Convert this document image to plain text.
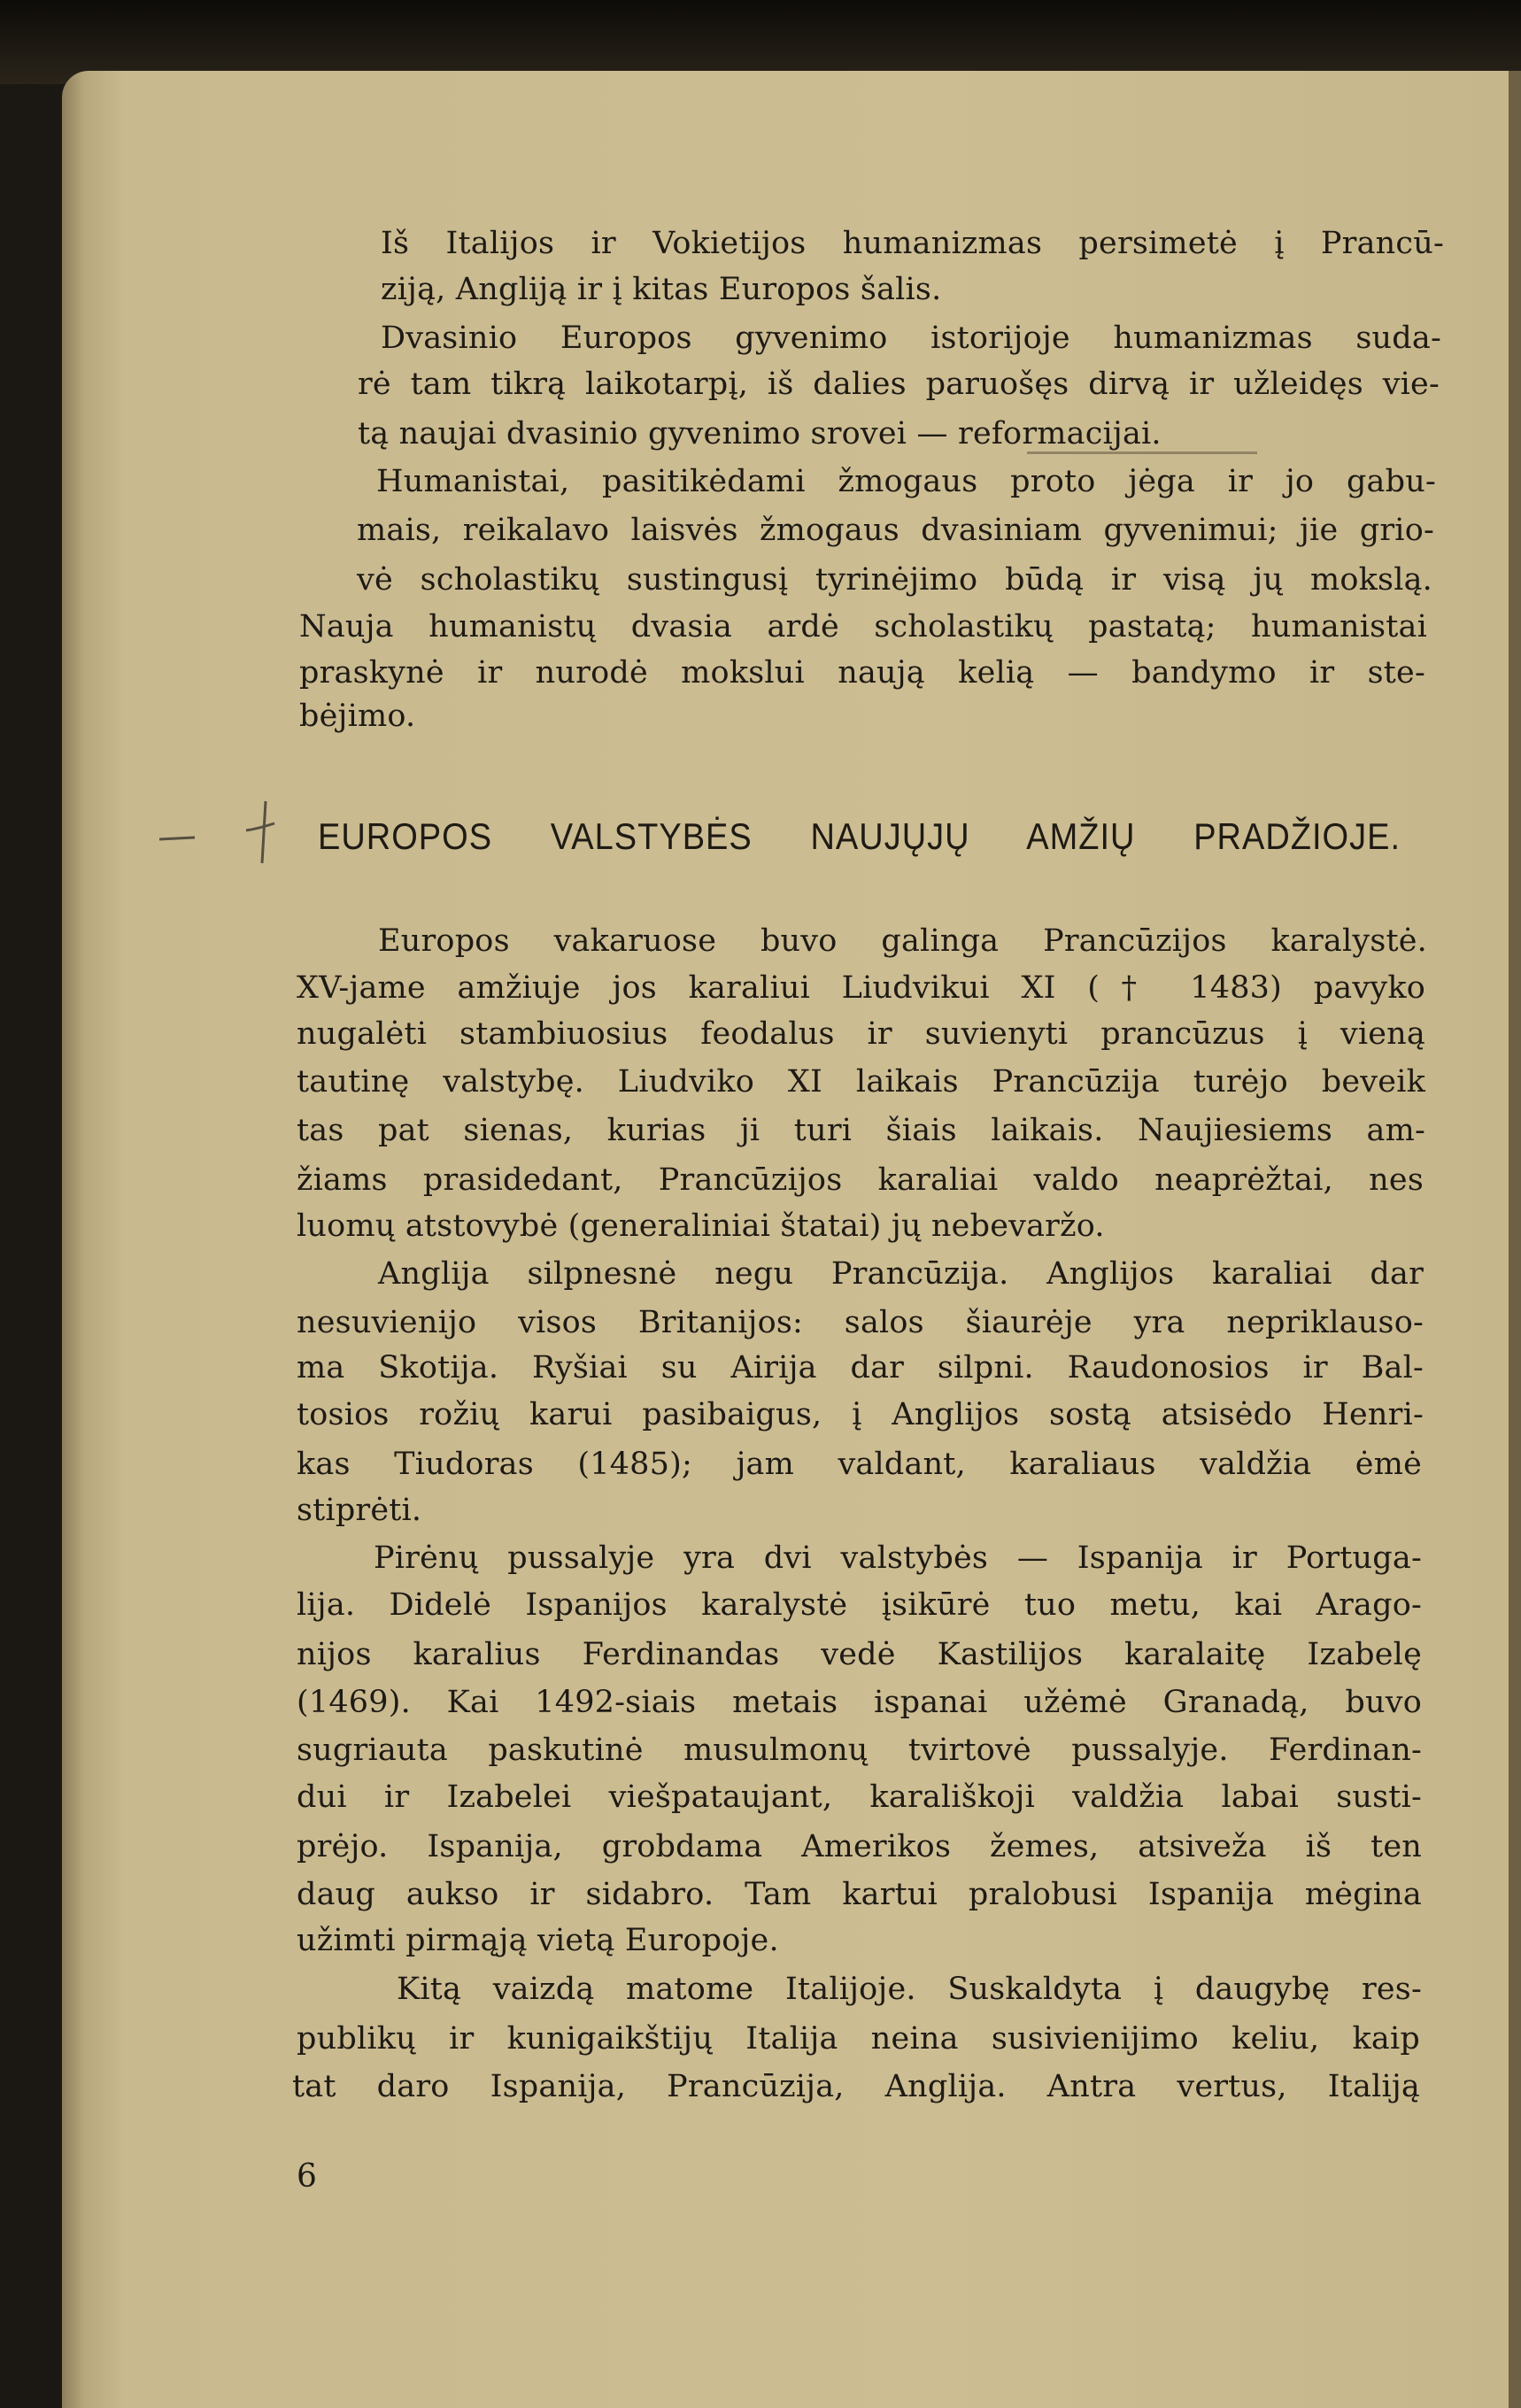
Iš Italijos ir Vokietijos humanizmas persimetė į Prancū-
ziją, Angliją ir į kitas Europos šalis.
Dvasinio Europos gyvenimo istorijoje humanizmas suda-
rė tam tikrą laikotarpį, iš dalies paruošęs dirvą ir užleidęs vie-
tą naujai dvasinio gyvenimo srovei — reformacijai.
Humanistai, pasitikėdami žmogaus proto jėga ir jo gabu-
mais, reikalavo laisvės žmogaus dvasiniam gyvenimui; jie grio-
vė scholastikų sustingusį tyrinėjimo būdą ir visą jų mokslą.
Nauja humanistų dvasia ardė scholastikų pastatą; humanistai
praskynė ir nurodė mokslui naują kelią — bandymo ir ste-
bėjimo.
EUROPOS VALSTYBĖS NAUJŲJŲ AMŽIŲ PRADŽIOJE.
Europos vakaruose buvo galinga Prancūzijos karalystė.
XV-jame amžiuje jos karaliui Liudvikui XI († 1483) pavyko
nugalėti stambiuosius feodalus ir suvienyti prancūzus į vieną
tautinę valstybę. Liudviko XI laikais Prancūzija turėjo beveik
tas pat sienas, kurias ji turi šiais laikais. Naujiesiems am-
žiams prasidedant, Prancūzijos karaliai valdo neaprėžtai, nes
luomų atstovybė (generaliniai štatai) jų nebevaržo.
Anglija silpnesnė negu Prancūzija. Anglijos karaliai dar
nesuvienijo visos Britanijos: salos šiaurėje yra nepriklauso-
ma Skotija. Ryšiai su Airija dar silpni. Raudonosios ir Bal-
tosios rožių karui pasibaigus, į Anglijos sostą atsisėdo Henri-
kas Tiudoras (1485); jam valdant, karaliaus valdžia ėmė
stiprėti.
Pirėnų pussalyje yra dvi valstybės — Ispanija ir Portuga-
lija. Didelė Ispanijos karalystė įsikūrė tuo metu, kai Arago-
nijos karalius Ferdinandas vedė Kastilijos karalaitę Izabelę
(1469). Kai 1492-siais metais ispanai užėmė Granadą, buvo
sugriauta paskutinė musulmonų tvirtovė pussalyje. Ferdinan-
dui ir Izabelei viešpataujant, karališkoji valdžia labai susti-
prėjo. Ispanija, grobdama Amerikos žemes, atsiveža iš ten
daug aukso ir sidabro. Tam kartui pralobusi Ispanija mėgina
užimti pirmąją vietą Europoje.
Kitą vaizdą matome Italijoje. Suskaldyta į daugybę res-
publikų ir kunigaikštijų Italija neina susivienijimo keliu, kaip
tat daro Ispanija, Prancūzija, Anglija. Antra vertus, Italiją
6
